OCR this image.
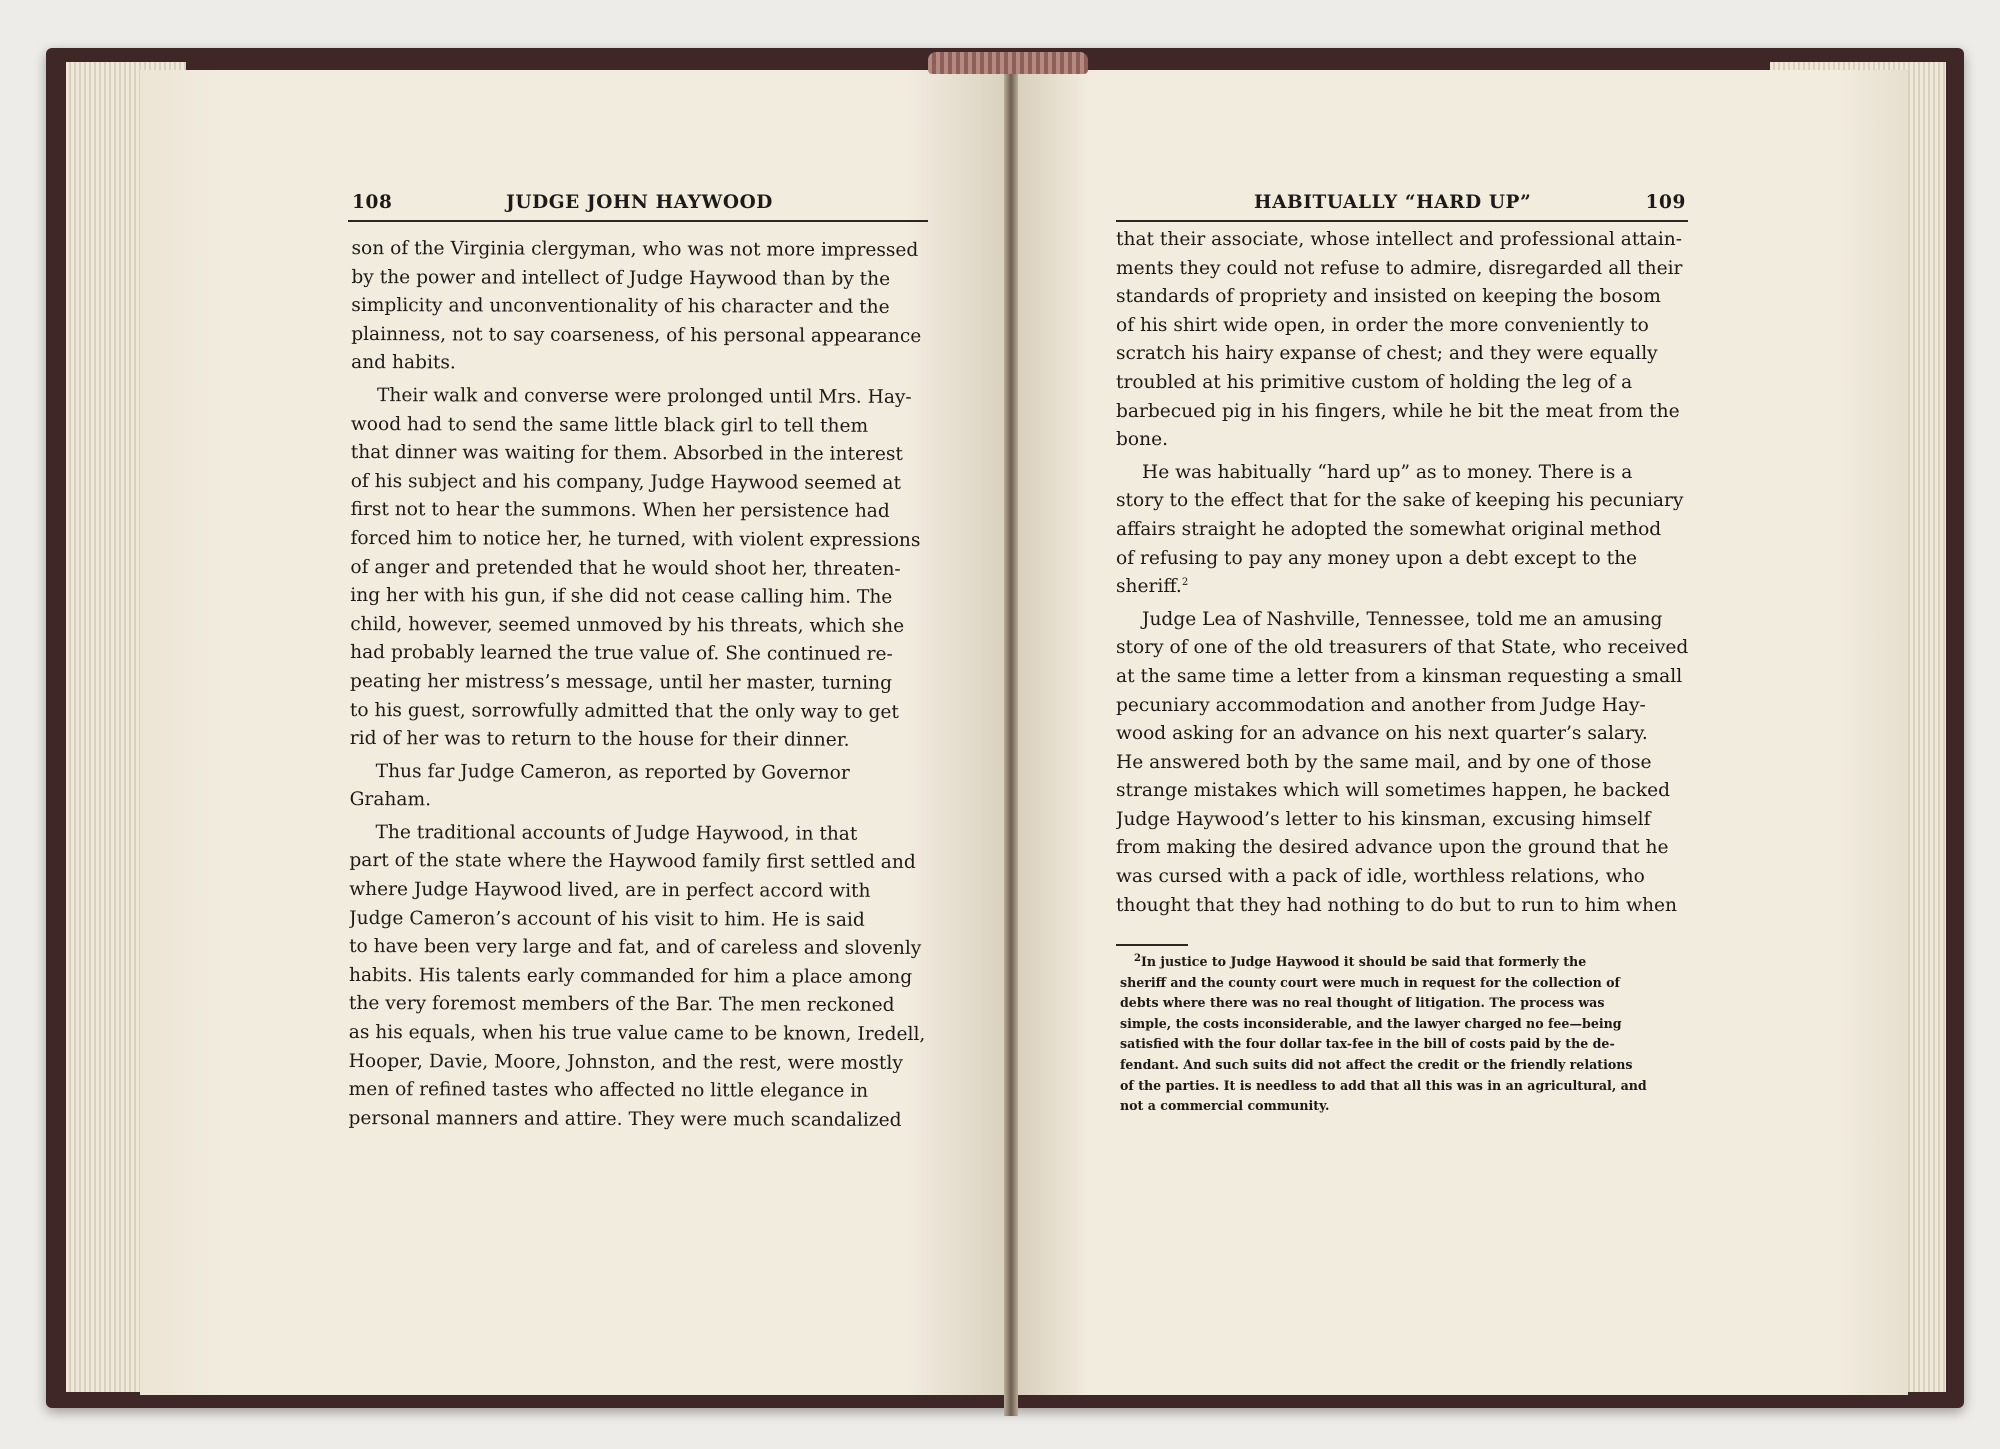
108	JUDGE JOHN HAYWOOD	HABITUALLY “HARD UP”	109
son of the Virginia clergyman, who was not more impressed
by the power and intellect of Judge Haywood than by the
simplicity and unconventionality of his character and the
plainness, not to say coarseness, of his personal appearance
and habits.
Their walk and converse were prolonged until Mrs. Hay-
wood had to send the same little black girl to tell them
that dinner was waiting for them. Absorbed in the interest
of his subject and his company, Judge Haywood seemed at
first not to hear the summons. When her persistence had
forced him to notice her, he turned, with violent expressions
of anger and pretended that he would shoot her, threaten-
ing her with his gun, if she did not cease calling him. The
child, however, seemed unmoved by his threats, which she
had probably learned the true value of. She continued re-
peating her mistress’s message, until her master, turning
to his guest, sorrowfully admitted that the only way to get
rid of her was to return to the house for their dinner.
Thus far Judge Cameron, as reported by Governor
Graham.
The traditional accounts of Judge Haywood, in that
part of the state where the Haywood family first settled and
where Judge Haywood lived, are in perfect accord with
Judge Cameron’s account of his visit to him. He is said
to have been very large and fat, and of careless and slovenly
habits. His talents early commanded for him a place among
the very foremost members of the Bar. The men reckoned
as his equals, when his true value came to be known, Iredell,
Hooper, Davie, Moore, Johnston, and the rest, were mostly
men of refined tastes who affected no little elegance in
personal manners and attire. They were much scandalized
that their associate, whose intellect and professional attain-
ments they could not refuse to admire, disregarded all their
standards of propriety and insisted on keeping the bosom
of his shirt wide open, in order the more conveniently to
scratch his hairy expanse of chest; and they were equally
troubled at his primitive custom of holding the leg of a
barbecued pig in his fingers, while he bit the meat from the
bone.
He was habitually “hard up” as to money. There is a
story to the effect that for the sake of keeping his pecuniary
affairs straight he adopted the somewhat original method
of refusing to pay any money upon a debt except to the
sheriff.$^2$
Judge Lea of Nashville, Tennessee, told me an amusing
story of one of the old treasurers of that State, who received
at the same time a letter from a kinsman requesting a small
pecuniary accommodation and another from Judge Hay-
wood asking for an advance on his next quarter’s salary.
He answered both by the same mail, and by one of those
strange mistakes which will sometimes happen, he backed
Judge Haywood’s letter to his kinsman, excusing himself
from making the desired advance upon the ground that he
was cursed with a pack of idle, worthless relations, who
thought that they had nothing to do but to run to him when
$^2$In justice to Judge Haywood it should be said that formerly the
sheriff and the county court were much in request for the collection of
debts where there was no real thought of litigation. The process was
simple, the costs inconsiderable, and the lawyer charged no fee—being
satisfied with the four dollar tax-fee in the bill of costs paid by the de-
fendant. And such suits did not affect the credit or the friendly relations
of the parties. It is needless to add that all this was in an agricultural, and
not a commercial community.
